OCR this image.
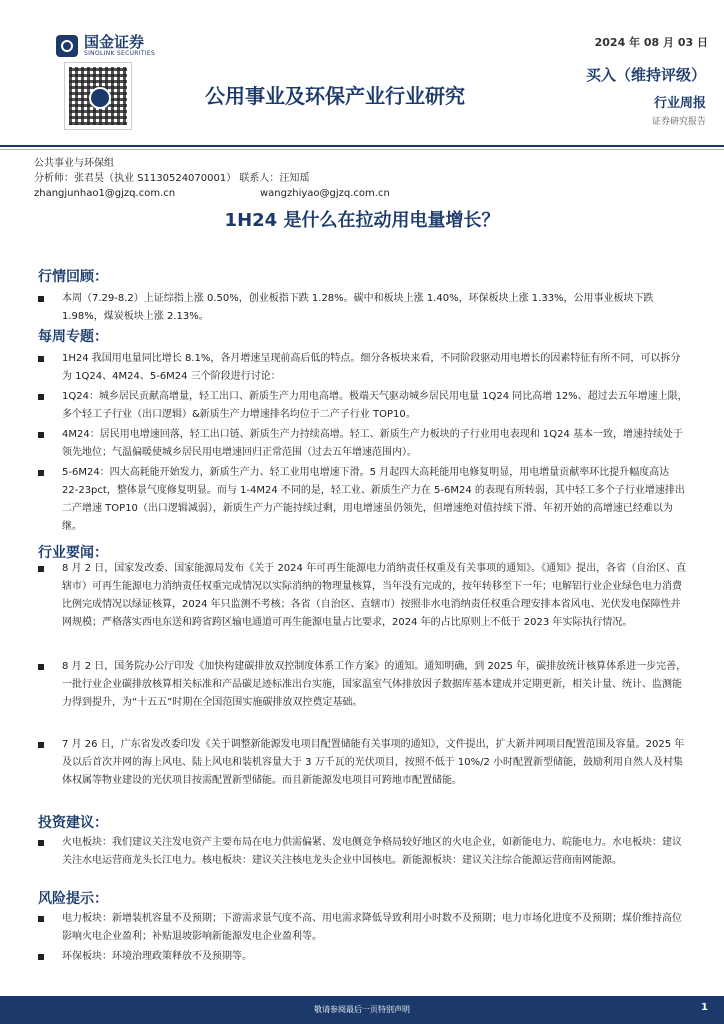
国金证券
SINOLINK SECURITIES
2024 年 08 月 03 日
公用事业及环保产业行业研究
买入（维持评级）
行业周报
证券研究报告
公共事业与环保组
分析师：张君昊（执业 S1130524070001） 联系人：汪知瑶
zhangjunhao1@gjzq.com.cn	wangzhiyao@gjzq.com.cn
1H24 是什么在拉动用电量增长？
行情回顾：
本周（7.29-8.2）上证综指上涨 0.50%，创业板指下跌 1.28%。碳中和板块上涨 1.40%，环保板块上涨 1.33%，公用事业板块下跌 1.98%，煤炭板块上涨 2.13%。
每周专题：
1H24 我国用电量同比增长 8.1%，各月增速呈现前高后低的特点。细分各板块来看，不同阶段驱动用电增长的因素特征有所不同，可以拆分为 1Q24、4M24、5-6M24 三个阶段进行讨论：
1Q24：城乡居民贡献高增量，轻工出口、新质生产力用电高增。极端天气驱动城乡居民用电量 1Q24 同比高增 12%、超过去五年增速上限，多个轻工子行业（出口逻辑）&新质生产力增速排名均位于二产子行业 TOP10。
4M24：居民用电增速回落，轻工出口链、新质生产力持续高增。轻工、新质生产力板块的子行业用电表现和 1Q24 基本一致，增速持续处于领先地位；气温偏暖使城乡居民用电增速回归正常范围（过去五年增速范围内）。
5-6M24：四大高耗能开始发力，新质生产力、轻工业用电增速下滑。5 月起四大高耗能用电修复明显，用电增量贡献率环比提升幅度高达 22-23pct，整体景气度修复明显。而与 1-4M24 不同的是，轻工业、新质生产力在 5-6M24 的表现有所转弱，其中轻工多个子行业增速排出二产增速 TOP10（出口逻辑减弱），新质生产力产能持续过剩，用电增速虽仍领先，但增速绝对值持续下滑、年初开始的高增速已经难以为继。
行业要闻：
8 月 2 日，国家发改委、国家能源局发布《关于 2024 年可再生能源电力消纳责任权重及有关事项的通知》。《通知》提出，各省（自治区、直辖市）可再生能源电力消纳责任权重完成情况以实际消纳的物理量核算，当年没有完成的，按年转移至下一年；电解铝行业企业绿色电力消费比例完成情况以绿证核算，2024 年只监测不考核；各省（自治区、直辖市）按照非水电消纳责任权重合理安排本省风电、光伏发电保障性并网规模；严格落实西电东送和跨省跨区输电通道可再生能源电量占比要求，2024 年的占比原则上不低于 2023 年实际执行情况。
8 月 2 日，国务院办公厅印发《加快构建碳排放双控制度体系工作方案》的通知。通知明确，到 2025 年，碳排放统计核算体系进一步完善，一批行业企业碳排放核算相关标准和产品碳足迹标准出台实施，国家温室气体排放因子数据库基本建成并定期更新，相关计量、统计、监测能力得到提升，为“十五五”时期在全国范围实施碳排放双控奠定基础。
7 月 26 日，广东省发改委印发《关于调整新能源发电项目配置储能有关事项的通知》，文件提出，扩大新并网项目配置范围及容量。2025 年及以后首次并网的海上风电、陆上风电和装机容量大于 3 万千瓦的光伏项目，按照不低于 10%/2 小时配置新型储能，鼓励利用自然人及村集体权属等物业建设的光伏项目按需配置新型储能。而且新能源发电项目可跨地市配置储能。
投资建议：
火电板块：我们建议关注发电资产主要布局在电力供需偏紧、发电侧竞争格局较好地区的火电企业，如新能电力、皖能电力。水电板块：建议关注水电运营商龙头长江电力。核电板块：建议关注核电龙头企业中国核电。新能源板块：建议关注综合能源运营商南网能源。
风险提示：
电力板块：新增装机容量不及预期；下游需求景气度不高、用电需求降低导致利用小时数不及预期；电力市场化进度不及预期；煤价维持高位影响火电企业盈利；补贴退坡影响新能源发电企业盈利等。
环保板块：环境治理政策释放不及预期等。
敬请参阅最后一页特别声明	1
